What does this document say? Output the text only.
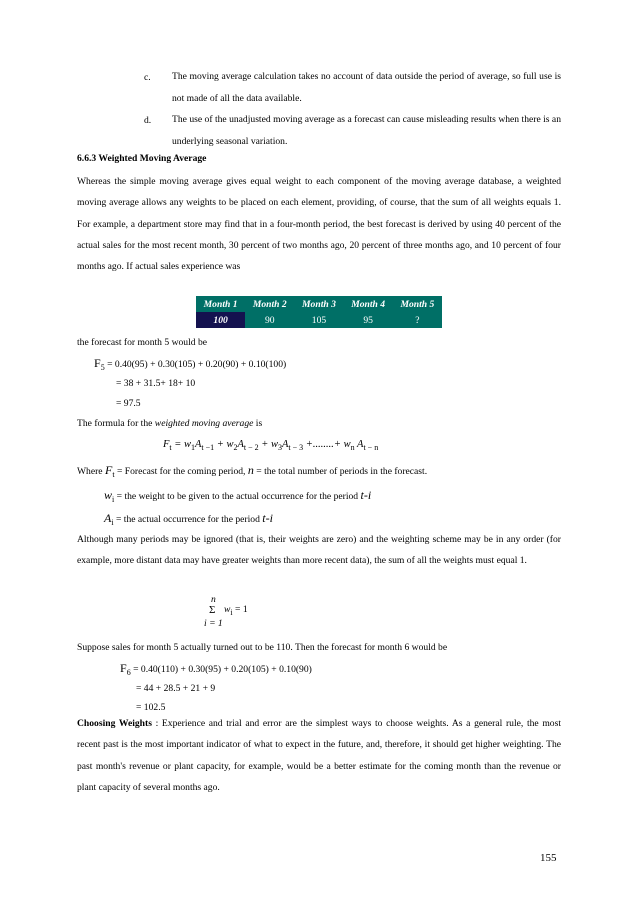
c. The moving average calculation takes no account of data outside the period of average, so full use is not made of all the data available.
d. The use of the unadjusted moving average as a forecast can cause misleading results when there is an underlying seasonal variation.
6.6.3 Weighted Moving Average
Whereas the simple moving average gives equal weight to each component of the moving average database, a weighted moving average allows any weights to be placed on each element, providing, of course, that the sum of all weights equals 1. For example, a department store may find that in a four-month period, the best forecast is derived by using 40 percent of the actual sales for the most recent month, 30 percent of two months ago, 20 percent of three months ago, and 10 percent of four months ago. If actual sales experience was
Month 1	Month 2	Month 3	Month 4	Month 5
100	90	105	95	?
the forecast for month 5 would be
$F_5 = 0.40(95) + 0.30(105) + 0.20(90) + 0.10(100)$
= 38 + 31.5+ 18+ 10
= 97.5
The formula for the weighted moving average is
$F_t = w_1A_{t -1} + w_2A_{t - 2} + w_3A_{t - 3}$ +........+ $w_n$ $A_{t - n}$
Where $F_t$ = Forecast for the coming period, n = the total number of periods in the forecast.
$w_i$ = the weight to be given to the actual occurrence for the period t-i
$A_i$ = the actual occurrence for the period t-i
Although many periods may be ignored (that is, their weights are zero) and the weighting scheme may be in any order (for example, more distant data may have greater weights than more recent data), the sum of all the weights must equal 1.
n
Σ
i = 1
$w_i = 1$
Suppose sales for month 5 actually turned out to be 110. Then the forecast for month 6 would be
$F_6 = 0.40(110) + 0.30(95) + 0.20(105) + 0.10(90)$
= 44 + 28.5 + 21 + 9
= 102.5
Choosing Weights : Experience and trial and error are the simplest ways to choose weights. As a general rule, the most recent past is the most important indicator of what to expect in the future, and, therefore, it should get higher weighting. The past month's revenue or plant capacity, for example, would be a better estimate for the coming month than the revenue or plant capacity of several months ago.
155
